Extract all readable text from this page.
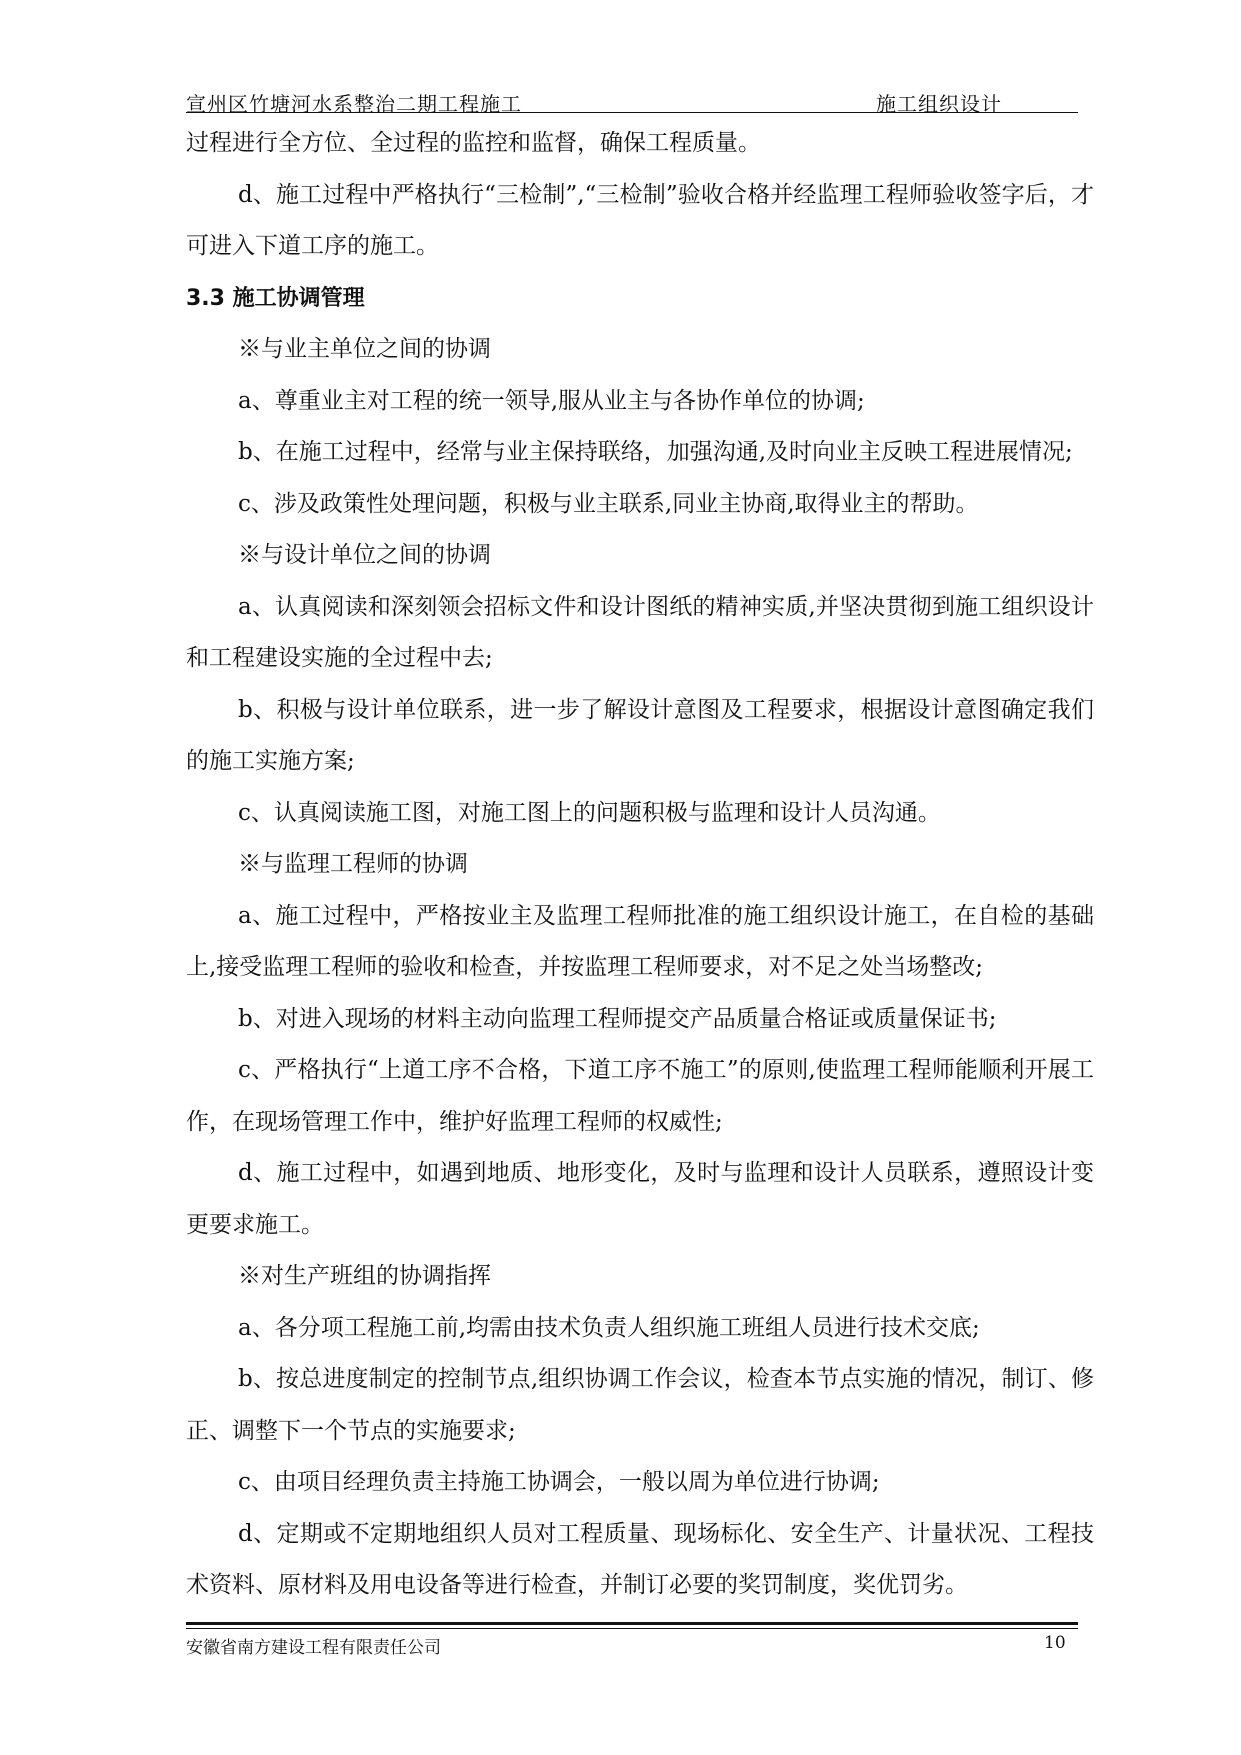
宣州区竹塘河水系整治二期工程施工	施工组织设计

过程进行全方位、全过程的监控和监督，确保工程质量。

d、施工过程中严格执行“三检制”,“三检制”验收合格并经监理工程师验收签字后，才可进入下道工序的施工。

3.3 施工协调管理

※与业主单位之间的协调

a、尊重业主对工程的统一领导,服从业主与各协作单位的协调;

b、在施工过程中，经常与业主保持联络，加强沟通,及时向业主反映工程进展情况;

c、涉及政策性处理问题，积极与业主联系,同业主协商,取得业主的帮助。

※与设计单位之间的协调

a、认真阅读和深刻领会招标文件和设计图纸的精神实质,并坚决贯彻到施工组织设计和工程建设实施的全过程中去;

b、积极与设计单位联系，进一步了解设计意图及工程要求，根据设计意图确定我们的施工实施方案;

c、认真阅读施工图，对施工图上的问题积极与监理和设计人员沟通。

※与监理工程师的协调

a、施工过程中，严格按业主及监理工程师批准的施工组织设计施工，在自检的基础上,接受监理工程师的验收和检查，并按监理工程师要求，对不足之处当场整改;

b、对进入现场的材料主动向监理工程师提交产品质量合格证或质量保证书;

c、严格执行“上道工序不合格，下道工序不施工”的原则,使监理工程师能顺利开展工作，在现场管理工作中，维护好监理工程师的权威性;

d、施工过程中，如遇到地质、地形变化，及时与监理和设计人员联系，遵照设计变更要求施工。

※对生产班组的协调指挥

a、各分项工程施工前,均需由技术负责人组织施工班组人员进行技术交底;

b、按总进度制定的控制节点,组织协调工作会议，检查本节点实施的情况，制订、修正、调整下一个节点的实施要求;

c、由项目经理负责主持施工协调会，一般以周为单位进行协调;

d、定期或不定期地组织人员对工程质量、现场标化、安全生产、计量状况、工程技术资料、原材料及用电设备等进行检查，并制订必要的奖罚制度，奖优罚劣。

安徽省南方建设工程有限责任公司	10
